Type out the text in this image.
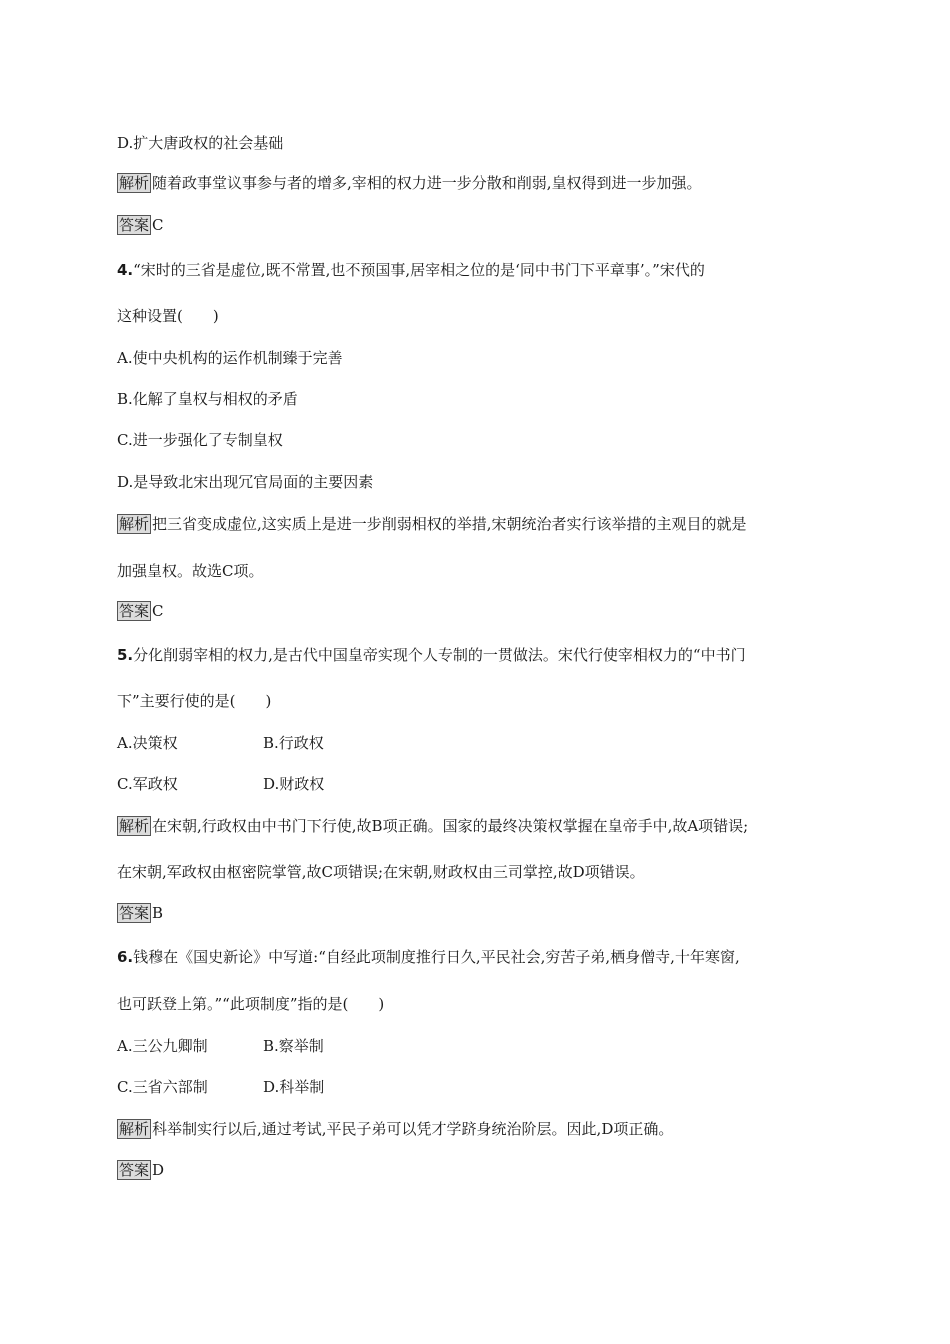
D.扩大唐政权的社会基础
解析 随着政事堂议事参与者的增多,宰相的权力进一步分散和削弱,皇权得到进一步加强。
答案 C
4.“宋时的三省是虚位,既不常置,也不预国事,居宰相之位的是‘同中书门下平章事’。”宋代的
这种设置(　　)
A.使中央机构的运作机制臻于完善
B.化解了皇权与相权的矛盾
C.进一步强化了专制皇权
D.是导致北宋出现冗官局面的主要因素
解析 把三省变成虚位,这实质上是进一步削弱相权的举措,宋朝统治者实行该举措的主观目的就是
加强皇权。故选C项。
答案 C
5.分化削弱宰相的权力,是古代中国皇帝实现个人专制的一贯做法。宋代行使宰相权力的“中书门
下”主要行使的是(　　)
A.决策权	B.行政权
C.军政权	D.财政权
解析 在宋朝,行政权由中书门下行使,故B项正确。国家的最终决策权掌握在皇帝手中,故A项错误;
在宋朝,军政权由枢密院掌管,故C项错误;在宋朝,财政权由三司掌控,故D项错误。
答案 B
6.钱穆在《国史新论》中写道:“自经此项制度推行日久,平民社会,穷苦子弟,栖身僧寺,十年寒窗,
也可跃登上第。”“此项制度”指的是(　　)
A.三公九卿制	B.察举制
C.三省六部制	D.科举制
解析 科举制实行以后,通过考试,平民子弟可以凭才学跻身统治阶层。因此,D项正确。
答案 D
